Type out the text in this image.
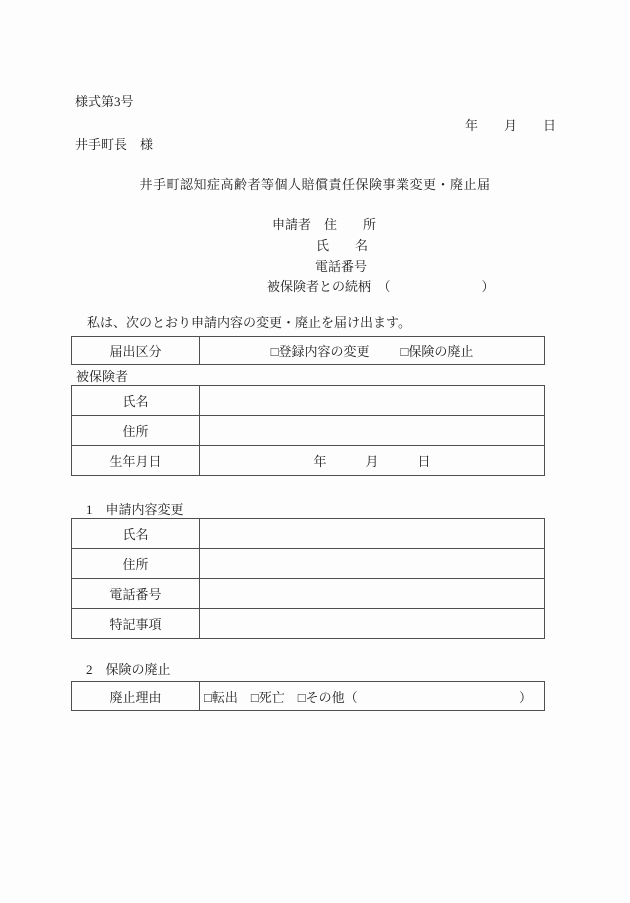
様式第3号
年　　月　　日
井手町長　様
井手町認知症高齢者等個人賠償責任保険事業変更・廃止届
申請者　住　　所
氏　　名
電話番号
被保険者との続柄　（　　　　　　　）
私は、次のとおり申請内容の変更・廃止を届け出ます。
届出区分	□登録内容の変更 □保険の廃止
被保険者
氏名	
住所	
生年月日	年　　　月　　　日
1　申請内容変更
氏名	
住所	
電話番号	
特記事項	
2　保険の廃止
廃止理由	□転出 □死亡 □その他（	）
